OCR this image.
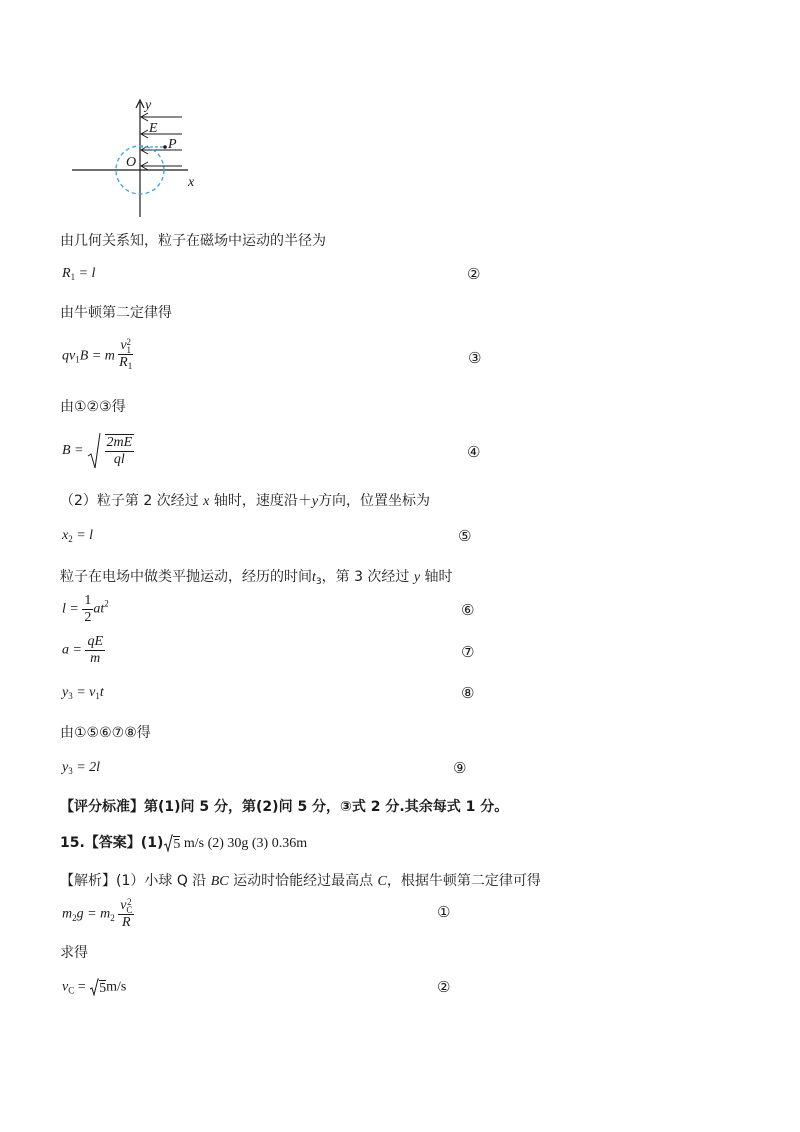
y
x
E
P
O
由几何关系知，粒子在磁场中运动的半径为
$R_1 = l$	②
由牛顿第二定律得
$qv_1B = m$ v 2
1
$R_1$	③
由①②③得
$B = \frac{2mE}{ql}$	④
（2）粒子第 2 次经过 x 轴时，速度沿＋y方向，位置坐标为
$x_2 = l$	⑤
粒子在电场中做类平抛运动，经历的时间$t_3$，第 3 次经过 y 轴时
$l = \frac{1}{2} at^2$	⑥
$a = \frac{qE}{m}$	⑦
$y_3 = v_1t$	⑧
由①⑤⑥⑦⑧得
$y_3 = 2l$	⑨
【评分标准】第(1)问 5 分，第(2)问 5 分，③式 2 分.其余每式 1 分。
15.【答案】(1) 5 m/s (2) 30g (3) 0.36m
【解析】(1）小球 Q 沿 BC 运动时恰能经过最高点 C，根据牛顿第二定律可得
$m_2g = m_2$ v 2
C
R	①
求得
$v_C = 5m/s$	②
